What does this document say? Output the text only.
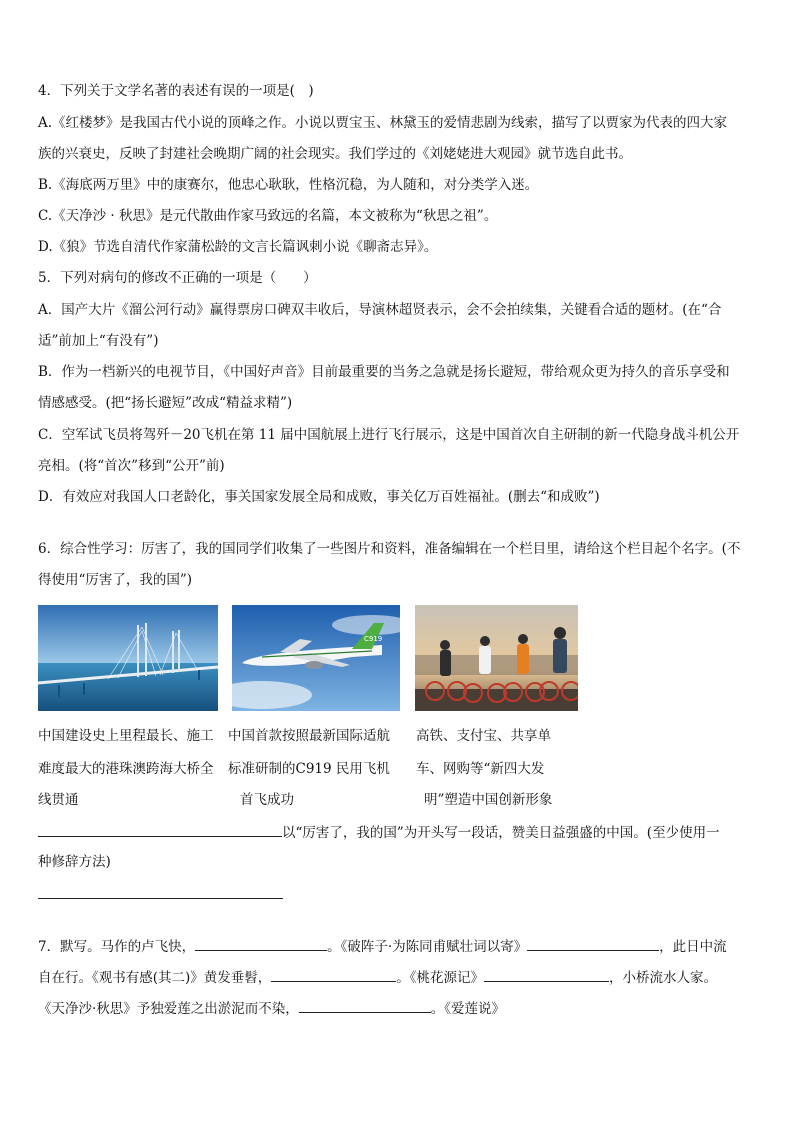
4．下列关于文学名著的表述有误的一项是(　)
A.《红楼梦》是我国古代小说的顶峰之作。小说以贾宝玉、林黛玉的爱情悲剧为线索，描写了以贾家为代表的四大家
族的兴衰史，反映了封建社会晚期广阔的社会现实。我们学过的《刘姥姥进大观园》就节选自此书。
B.《海底两万里》中的康赛尔，他忠心耿耿，性格沉稳，为人随和，对分类学入迷。
C.《天净沙 · 秋思》是元代散曲作家马致远的名篇，本文被称为“秋思之祖”。
D.《狼》节选自清代作家蒲松龄的文言长篇讽刺小说《聊斋志异》。
5．下列对病句的修改不正确的一项是（　　）
A．国产大片《溜公河行动》赢得票房口碑双丰收后，导演林超贤表示，会不会拍续集，关键看合适的题材。(在“合
适”前加上“有没有”)
B．作为一档新兴的电视节目，《中国好声音》目前最重要的当务之急就是扬长避短，带给观众更为持久的音乐享受和
情感感受。(把“扬长避短”改成“精益求精”)
C．空军试飞员将驾歼－20飞机在第 11 届中国航展上进行飞行展示，这是中国首次自主研制的新一代隐身战斗机公开
亮相。(将“首次”移到“公开”前)
D．有效应对我国人口老龄化，事关国家发展全局和成败，事关亿万百姓福祉。(删去“和成败”)
6．综合性学习：厉害了，我的国同学们收集了一些图片和资料，准备编辑在一个栏目里，请给这个栏目起个名字。(不
得使用“厉害了，我的国”)
C919
中国建设史上里程最长、施工
难度最大的港珠澳跨海大桥全
线贯通
中国首款按照最新国际适航
标准研制的C919 民用飞机
首飞成功
高铁、支付宝、共享单
车、网购等“新四大发
明”塑造中国创新形象
以“厉害了，我的国”为开头写一段话，赞美日益强盛的中国。(至少使用一
种修辞方法)
7．默写。马作的卢飞快，	。《破阵子·为陈同甫赋壮词以寄》	，此日中流
自在行。《观书有感(其二)》黄发垂髫，	。《桃花源记》	，小桥流水人家。
《天净沙·秋思》予独爱莲之出淤泥而不染，	。《爱莲说》
